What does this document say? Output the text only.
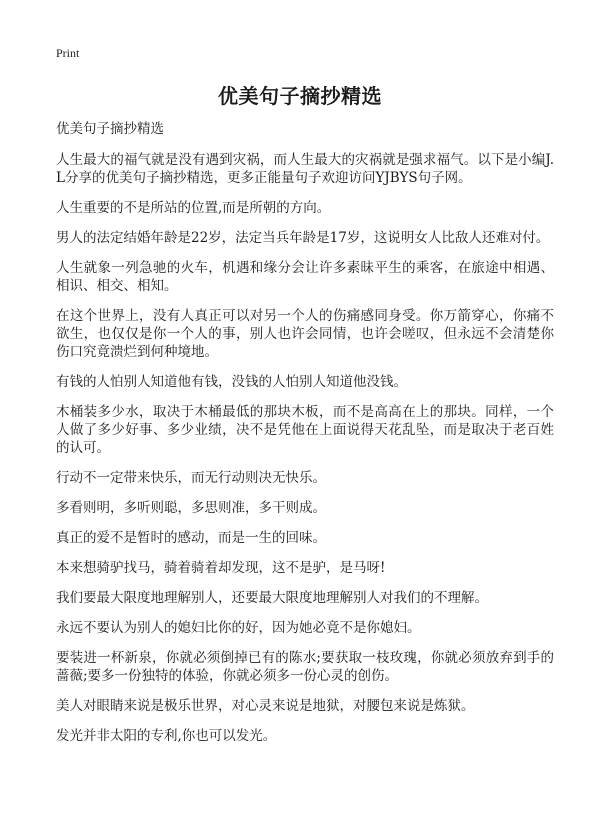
Print
优美句子摘抄精选

优美句子摘抄精选

人生最大的福气就是没有遇到灾祸，而人生最大的灾祸就是强求福气。以下是小编J.L分享的优美句子摘抄精选，更多正能量句子欢迎访问YJBYS句子网。

人生重要的不是所站的位置,而是所朝的方向。

男人的法定结婚年龄是22岁，法定当兵年龄是17岁，这说明女人比敌人还难对付。

人生就象一列急驰的火车，机遇和缘分会让许多素昧平生的乘客，在旅途中相遇、相识、相交、相知。

在这个世界上，没有人真正可以对另一个人的伤痛感同身受。你万箭穿心，你痛不欲生，也仅仅是你一个人的事，别人也许会同情，也许会嗟叹，但永远不会清楚你伤口究竟溃烂到何种境地。

有钱的人怕别人知道他有钱，没钱的人怕别人知道他没钱。

木桶装多少水，取决于木桶最低的那块木板，而不是高高在上的那块。同样，一个人做了多少好事、多少业绩，决不是凭他在上面说得天花乱坠，而是取决于老百姓的认可。

行动不一定带来快乐，而无行动则决无快乐。

多看则明，多听则聪，多思则准，多干则成。

真正的爱不是暂时的感动，而是一生的回味。

本来想骑驴找马，骑着骑着却发现，这不是驴，是马呀!

我们要最大限度地理解别人，还要最大限度地理解别人对我们的不理解。

永远不要认为别人的媳妇比你的好，因为她必竟不是你媳妇。

要装进一杯新泉，你就必须倒掉已有的陈水;要获取一枝玫瑰，你就必须放弃到手的蔷薇;要多一份独特的体验，你就必须多一份心灵的创伤。

美人对眼睛来说是极乐世界，对心灵来说是地狱，对腰包来说是炼狱。

发光并非太阳的专利,你也可以发光。
